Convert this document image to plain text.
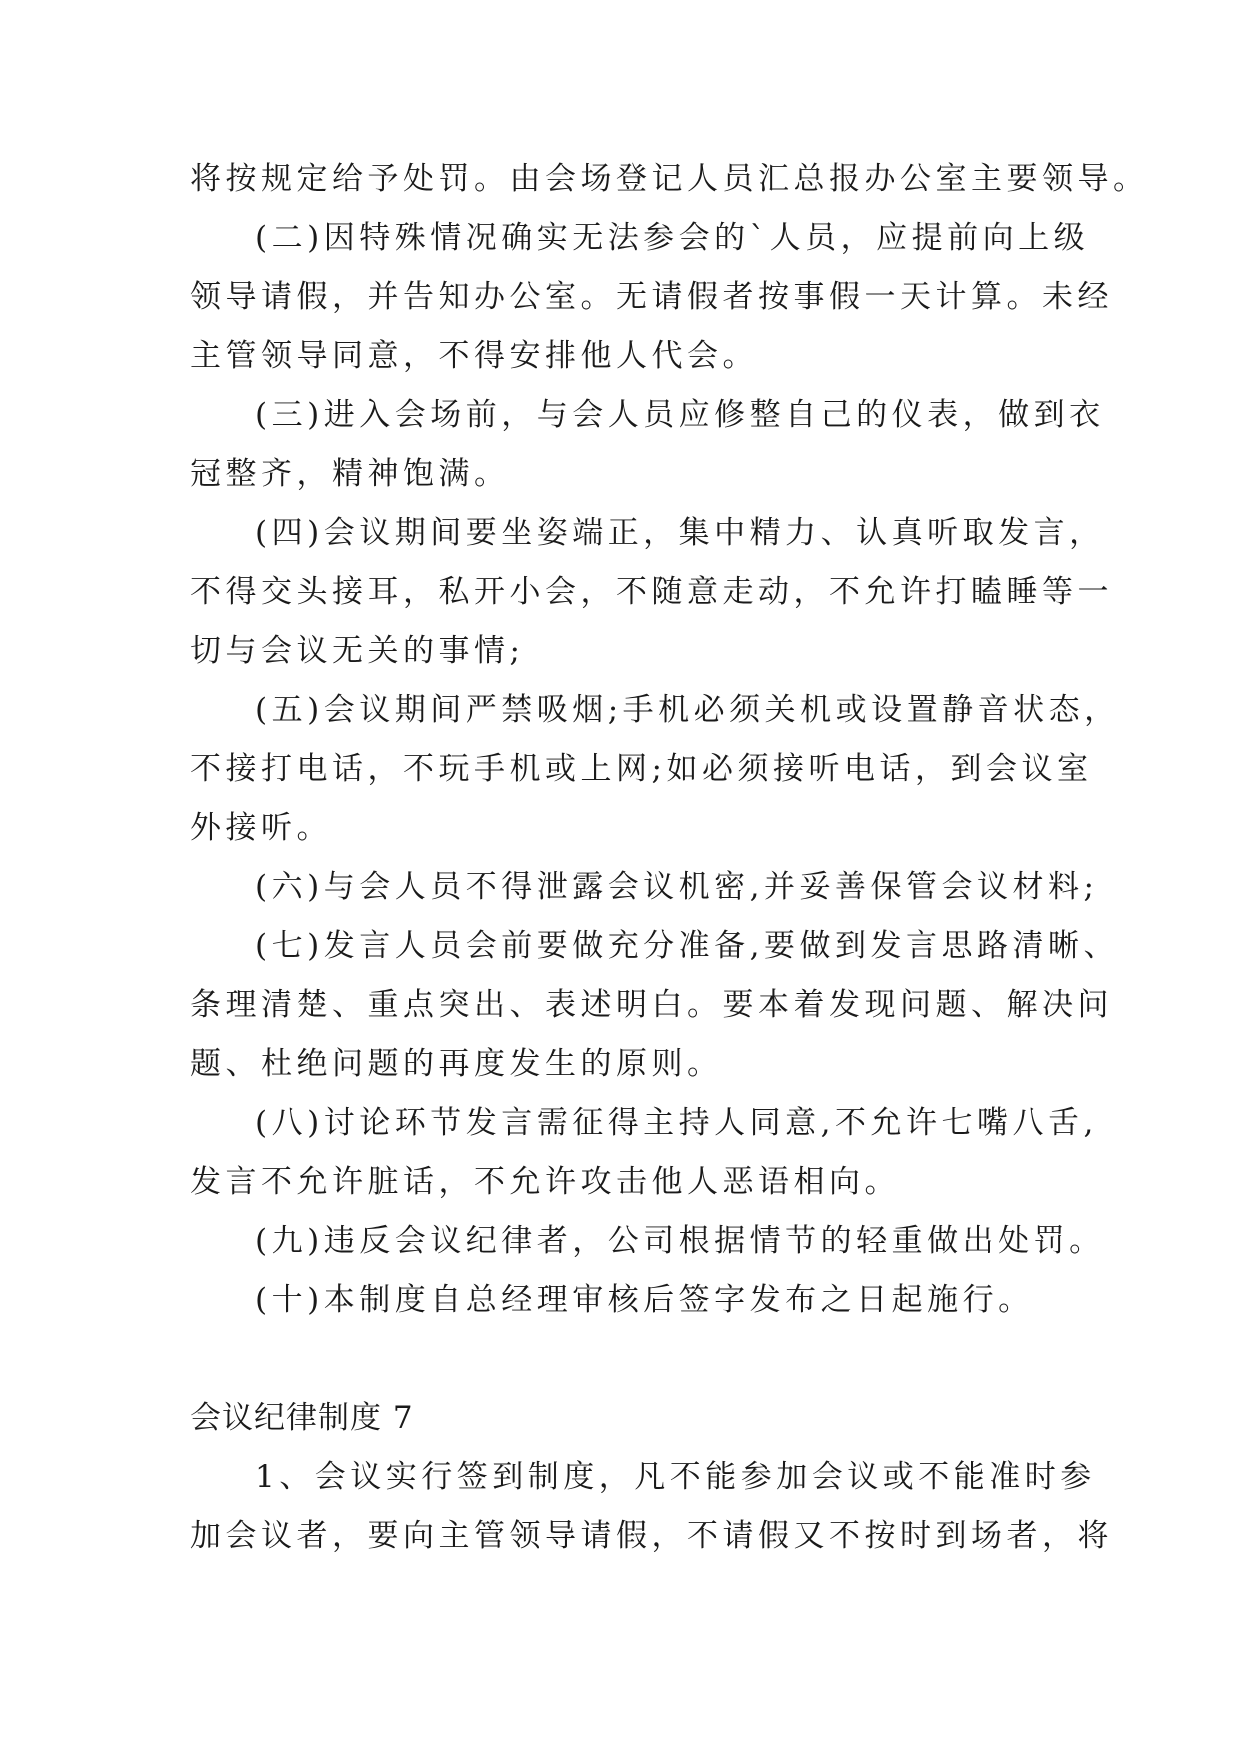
将按规定给予处罚。由会场登记人员汇总报办公室主要领导。
(二)因特殊情况确实无法参会的`人员，应提前向上级
领导请假，并告知办公室。无请假者按事假一天计算。未经
主管领导同意，不得安排他人代会。
(三)进入会场前，与会人员应修整自己的仪表，做到衣
冠整齐，精神饱满。
(四)会议期间要坐姿端正，集中精力、认真听取发言，
不得交头接耳，私开小会，不随意走动，不允许打瞌睡等一
切与会议无关的事情;
(五)会议期间严禁吸烟;手机必须关机或设置静音状态，
不接打电话，不玩手机或上网;如必须接听电话，到会议室
外接听。
(六)与会人员不得泄露会议机密,并妥善保管会议材料;
(七)发言人员会前要做充分准备,要做到发言思路清晰、
条理清楚、重点突出、表述明白。要本着发现问题、解决问
题、杜绝问题的再度发生的原则。
(八)讨论环节发言需征得主持人同意,不允许七嘴八舌,
发言不允许脏话，不允许攻击他人恶语相向。
(九)违反会议纪律者，公司根据情节的轻重做出处罚。
(十)本制度自总经理审核后签字发布之日起施行。
会议纪律制度 7
1、会议实行签到制度，凡不能参加会议或不能准时参
加会议者，要向主管领导请假，不请假又不按时到场者，将
